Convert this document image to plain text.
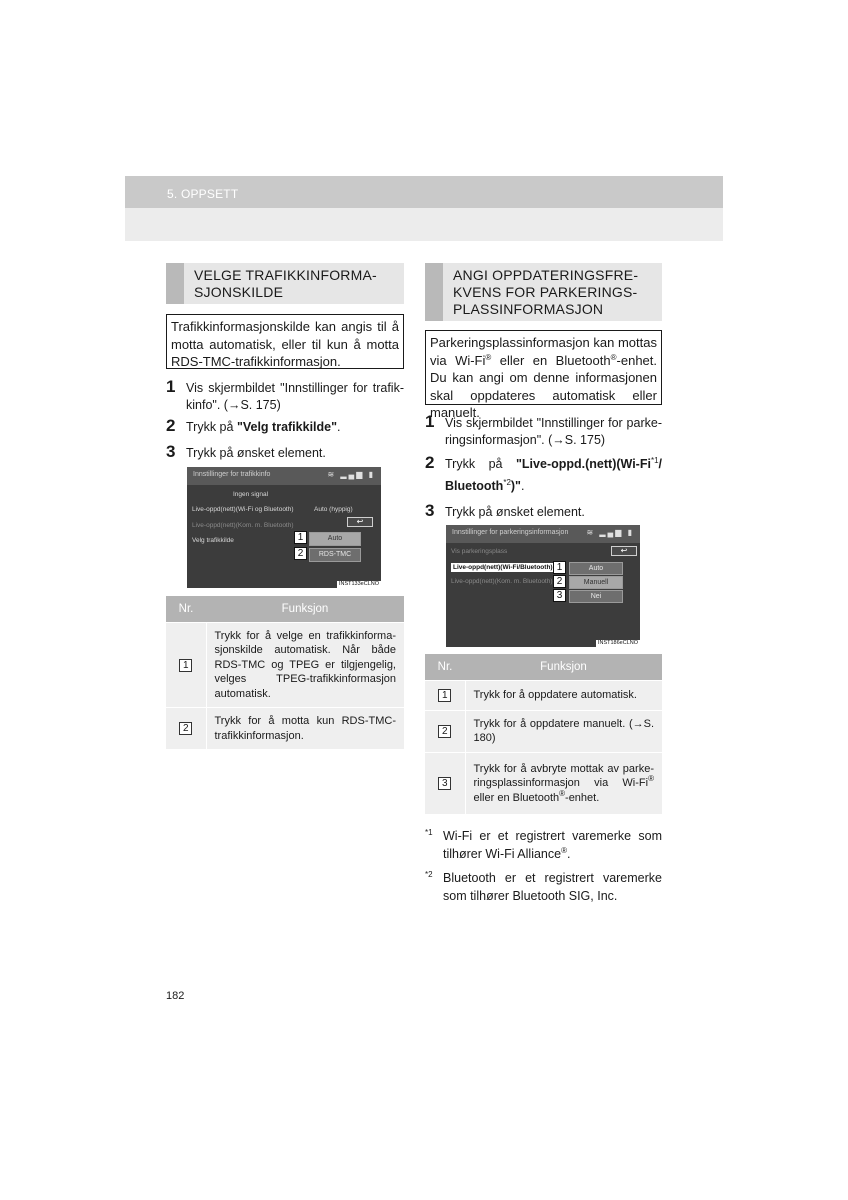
5. OPPSETT
VELGE TRAFIKKINFORMA-
SJONSKILDE
Trafikkinformasjonskilde kan angis til å motta automatisk, eller til kun å motta RDS-TMC-trafikkinformasjon.
1 Vis skjermbildet "Innstillinger for trafik-kinfo". (→S. 175)
2 Trykk på "Velg trafikkilde".
3 Trykk på ønsket element.
Innstillinger for trafikkinfo	≋ ▂▄▆ ▮
Ingen signal
Live-oppd(nett)(Wi-Fi og Bluetooth)	Auto (hyppig)
Live-oppd(nett)(Kom. m. Bluetooth)
Velg trafikkilde
↩
Auto
RDS-TMC
1
2
INST133eCLNO
Nr.	Funksjon
1	Trykk for å velge en trafikkinforma-sjonskilde automatisk. Når både RDS-TMC og TPEG er tilgjengelig, velges TPEG-trafikkinformasjon automatisk.
2	Trykk for å motta kun RDS-TMC-trafikkinformasjon.
ANGI OPPDATERINGSFRE-
KVENS FOR PARKERINGS-
PLASSINFORMASJON
Parkeringsplassinformasjon kan mottas via Wi-Fi® eller en Bluetooth®-enhet. Du kan angi om denne informasjonen skal oppdateres automatisk eller manuelt.
1 Vis skjermbildet "Innstillinger for parke-ringsinformasjon". (→S. 175)
2 Trykk på "Live-oppd.(nett)(Wi-Fi$^{*1}$/ Bluetooth$^{*2}$)".
3 Trykk på ønsket element.
Innstillinger for parkeringsinformasjon ≋ ▂▄▆ ▮
Vis parkeringsplass
Live-oppd(nett)(Wi-Fi/Bluetooth)
Live-oppd(nett)(Kom. m. Bluetooth)
↩
Auto
Manuell
Nei
1
2
3
INST186eCLNO
Nr.	Funksjon
1	Trykk for å oppdatere automatisk.
2	Trykk for å oppdatere manuelt. (→S. 180)
3	Trykk for å avbryte mottak av parke-ringsplassinformasjon via Wi-Fi® eller en Bluetooth®-enhet.
*1 Wi-Fi er et registrert varemerke som tilhører Wi-Fi Alliance®.
*2 Bluetooth er et registrert varemerke som tilhører Bluetooth SIG, Inc.
182
